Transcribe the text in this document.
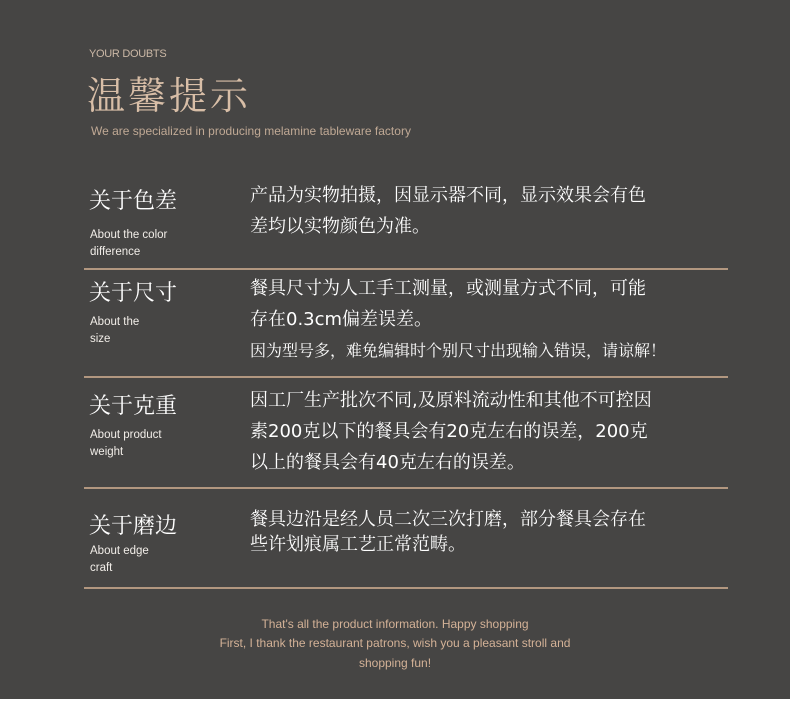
YOUR DOUBTS
温馨提示
We are specialized in producing melamine tableware factory
关于色差
About the color
difference
产品为实物拍摄，因显示器不同，显示效果会有色
差均以实物颜色为准。
关于尺寸
About the
size
餐具尺寸为人工手工测量，或测量方式不同，可能
存在0.3cm偏差误差。
因为型号多，难免编辑时个别尺寸出现输入错误，请谅解！
关于克重
About product
weight
因工厂生产批次不同,及原料流动性和其他不可控因
素200克以下的餐具会有20克左右的误差，200克
以上的餐具会有40克左右的误差。
关于磨边
About edge
craft
餐具边沿是经人员二次三次打磨，部分餐具会存在
些许划痕属工艺正常范畴。
That's all the product information. Happy shopping
First, I thank the restaurant patrons, wish you a pleasant stroll and
shopping fun!
